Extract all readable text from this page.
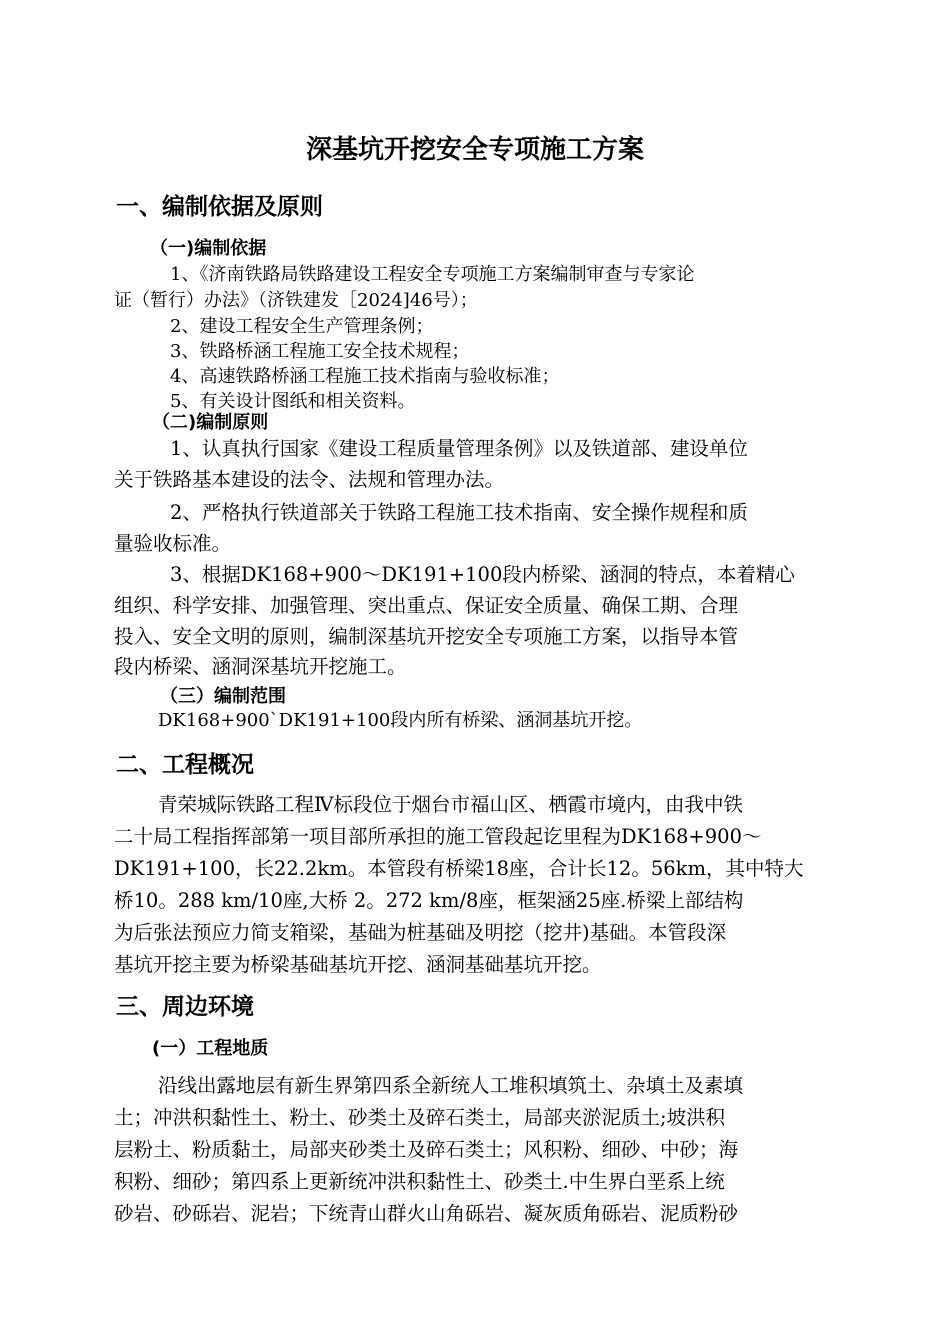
深基坑开挖安全专项施工方案
一、编制依据及原则
（一)编制依据
1、《济南铁路局铁路建设工程安全专项施工方案编制审查与专家论
证（暂行）办法》（济铁建发［2024]46号）；
2、建设工程安全生产管理条例；
3、铁路桥涵工程施工安全技术规程；
4、高速铁路桥涵工程施工技术指南与验收标准；
5、有关设计图纸和相关资料。
（二)编制原则
1、认真执行国家《建设工程质量管理条例》以及铁道部、建设单位
关于铁路基本建设的法令、法规和管理办法。
2、严格执行铁道部关于铁路工程施工技术指南、安全操作规程和质
量验收标准。
3、根据DK168+900～DK191+100段内桥梁、涵洞的特点，本着精心
组织、科学安排、加强管理、突出重点、保证安全质量、确保工期、合理
投入、安全文明的原则，编制深基坑开挖安全专项施工方案，以指导本管
段内桥梁、涵洞深基坑开挖施工。
（三）编制范围
DK168+900`DK191+100段内所有桥梁、涵洞基坑开挖。
二、工程概况
青荣城际铁路工程Ⅳ标段位于烟台市福山区、栖霞市境内，由我中铁
二十局工程指挥部第一项目部所承担的施工管段起讫里程为DK168+900～
DK191+100，长22.2km。本管段有桥梁18座，合计长12。56km，其中特大
桥10。288 km/10座,大桥 2。272 km/8座，框架涵25座.桥梁上部结构
为后张法预应力简支箱梁，基础为桩基础及明挖（挖井)基础。本管段深
基坑开挖主要为桥梁基础基坑开挖、涵洞基础基坑开挖。
三、周边环境
(一）工程地质
沿线出露地层有新生界第四系全新统人工堆积填筑土、杂填土及素填
土；冲洪积黏性土、粉土、砂类土及碎石类土，局部夹淤泥质土;坡洪积
层粉土、粉质黏土，局部夹砂类土及碎石类土；风积粉、细砂、中砂；海
积粉、细砂；第四系上更新统冲洪积黏性土、砂类土.中生界白垩系上统
砂岩、砂砾岩、泥岩；下统青山群火山角砾岩、凝灰质角砾岩、泥质粉砂
